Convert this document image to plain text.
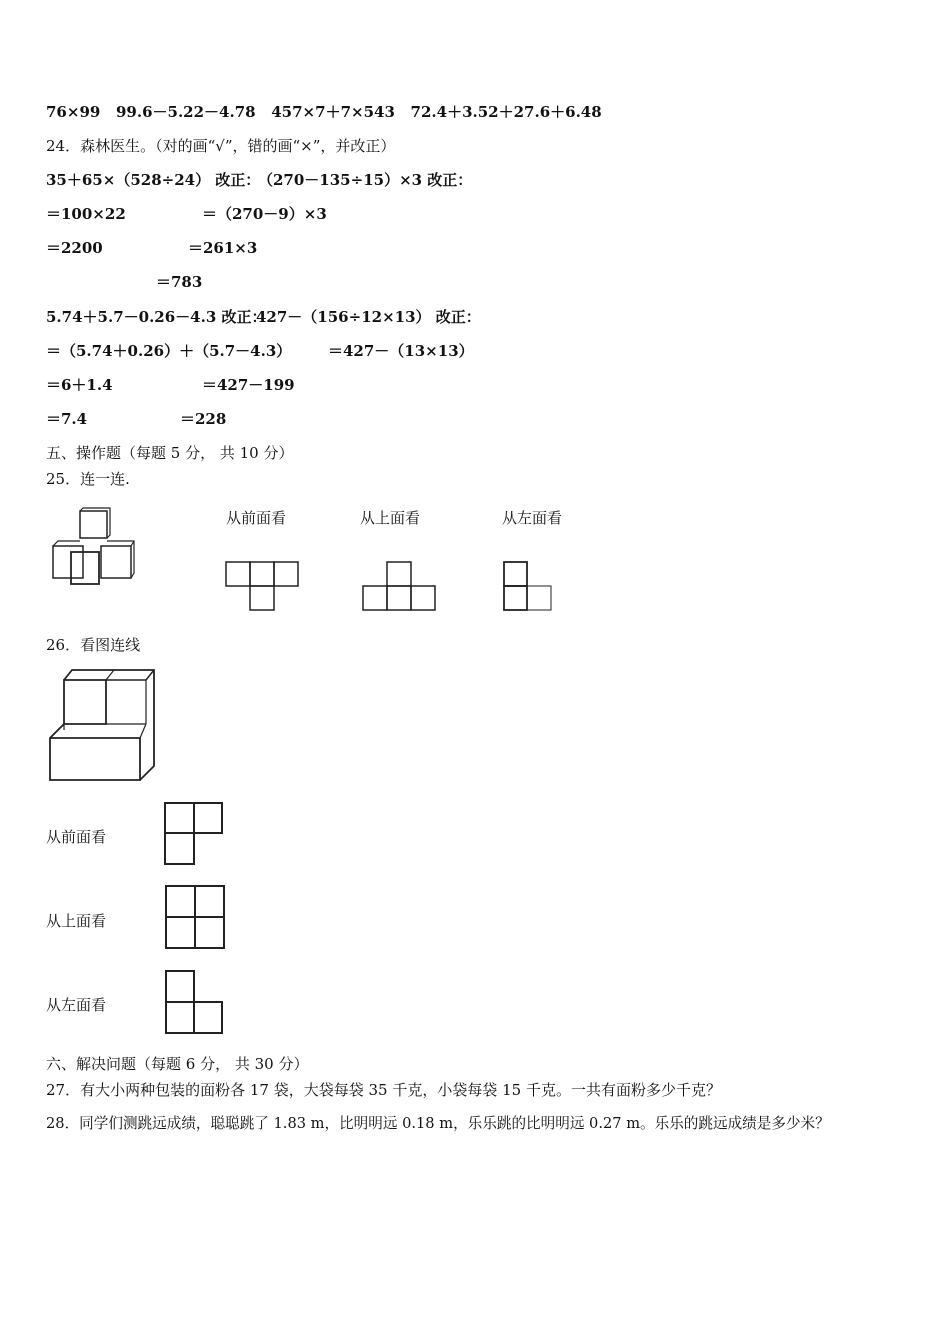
76×99   99.6－5.22－4.78   457×7＋7×543   72.4＋3.52＋27.6＋6.48
24．森林医生。（对的画“√”，错的画“×”，并改正）
35＋65×（528÷24） 改正：
（270－135÷15）×3 改正：
＝100×22	＝（270－9）×3
＝2200	＝261×3
＝783
5.74＋5.7－0.26－4.3 改正：
427－（156÷12×13） 改正：
＝（5.74＋0.26）＋（5.7－4.3） ＝427－（13×13）
＝6＋1.4	＝427－199
＝7.4	＝228
五、操作题（每题 5 分， 共 10 分）
25．连一连.
从前面看	从上面看	从左面看
26．看图连线
从前面看
从上面看
从左面看
六、解决问题（每题 6 分， 共 30 分）
27．有大小两种包装的面粉各 17 袋，大袋每袋 35 千克，小袋每袋 15 千克。一共有面粉多少千克？
28．同学们测跳远成绩，聪聪跳了 1.83 m，比明明远 0.18 m，乐乐跳的比明明远 0.27 m。乐乐的跳远成绩是多少米？
